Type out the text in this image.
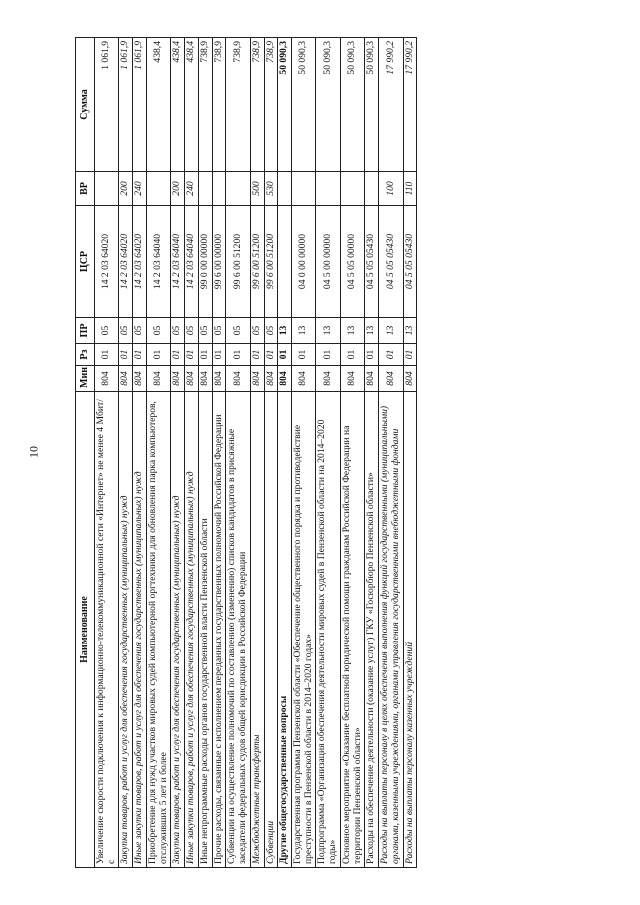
10
Наименование	Мин	Рз	ПР	ЦСР	ВР	Сумма
Увеличение скорости подключения к информационно-телекоммуникационной сети «Интернет» не менее 4 Мбит/с	804	01	05	14 2 03 64020		1 061,9
Закупка товаров, работ и услуг для обеспечения государственных (муниципальных) нужд	804	01	05	14 2 03 64020	200	1 061,9
Иные закупки товаров, работ и услуг для обеспечения государственных (муниципальных) нужд	804	01	05	14 2 03 64020	240	1 061,9
Приобретение для нужд участков мировых судей компьютерной оргтехники для обновления парка компьютеров, отслуживших 5 лет и более	804	01	05	14 2 03 64040		438,4
Закупка товаров, работ и услуг для обеспечения государственных (муниципальных) нужд	804	01	05	14 2 03 64040	200	438,4
Иные закупки товаров, работ и услуг для обеспечения государственных (муниципальных) нужд	804	01	05	14 2 03 64040	240	438,4
Иные непрограммные расходы органов государственной власти Пензенской области	804	01	05	99 0 00 00000		738,9
Прочие расходы, связанные с исполнением переданных государственных полномочий Российской Федерации	804	01	05	99 6 00 00000		738,9
Субвенции на осуществление полномочий по составлению (изменению) списков кандидатов в присяжные заседатели федеральных судов общей юрисдикции в Российской Федерации	804	01	05	99 6 00 51200		738,9
Межбюджетные трансферты	804	01	05	99 6 00 51200	500	738,9
Субвенции	804	01	05	99 6 00 51200	530	738,9
Другие общегосударственные вопросы	804	01	13			50 090,3
Государственная программа Пензенской области «Обеспечение общественного порядка и противодействие преступности в Пензенской области в 2014–2020 годах»	804	01	13	04 0 00 00000		50 090,3
Подпрограмма «Организация обеспечения деятельности мировых судей в Пензенской области на 2014–2020 годы»	804	01	13	04 5 00 00000		50 090,3
Основное мероприятие «Оказание бесплатной юридической помощи гражданам Российской Федерации на территории Пензенской области»	804	01	13	04 5 05 00000		50 090,3
Расходы на обеспечение деятельности (оказание услуг) ГКУ «Госюрбюро Пензенской области»	804	01	13	04 5 05 05430		50 090,3
Расходы на выплаты персоналу в целях обеспечения выполнения функций государственными (муниципальными) органами, казенными учреждениями, органами управления государственными внебюджетными фондами	804	01	13	04 5 05 05430	100	17 990,2
Расходы на выплаты персоналу казенных учреждений	804	01	13	04 5 05 05430	110	17 990,2
